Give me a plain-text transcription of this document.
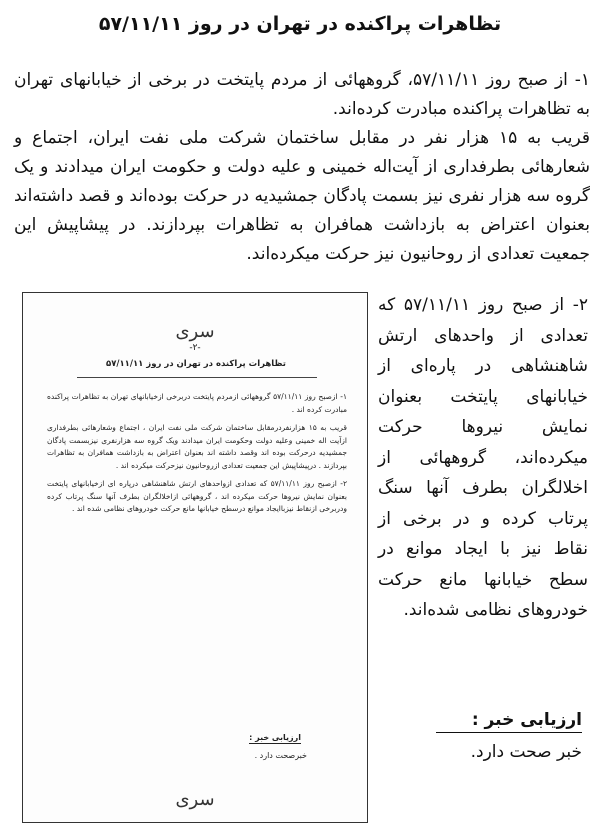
تظاهرات پراکنده در تهران در روز ۵۷/۱۱/۱۱

۱- از صبح روز ۵۷/۱۱/۱۱، گروههائی از مردم پایتخت در برخی از خیابانهای تهران به تظاهرات پراکنده مبادرت کرده‌اند.

قریب به ۱۵ هزار نفر در مقابل ساختمان شرکت ملی نفت ایران، اجتماع و شعارهائی بطرفداری از آیت‌اله خمینی و علیه دولت و حکومت ایران میدادند و یک گروه سه هزار نفری نیز بسمت پادگان جمشیدیه در حرکت بوده‌اند و قصد داشته‌اند بعنوان اعتراض به بازداشت همافران به تظاهرات بپردازند. در پیشاپیش این جمعیت تعدادی از روحانیون نیز حرکت میکرده‌اند.

سری
-۲-
تظاهرات پراکنده در تهران در روز ۵۷/۱۱/۱۱

۱- ازصبح روز ۵۷/۱۱/۱۱ گروههائی ازمردم پایتخت دربرخی ازخیابانهای تهران به تظاهرات پراکنده مبادرت کرده اند .

قریب به ۱۵ هزارنفردرمقابل ساختمان شرکت ملی نفت ایران ، اجتماع وشعارهائی بطرفداری ازآیت اله خمینی وعلیه دولت وحکومت ایران میدادند ویک گروه سه هزارنفری نیزبسمت پادگان جمشیدیه درحرکت بوده اند وقصد داشته اند بعنوان اعتراض به بازداشت همافران به تظاهرات بپردازند . درپیشاپیش این جمعیت تعدادی ازروحانیون نیزحرکت میکرده اند .

۲- ازصبح روز ۵۷/۱۱/۱۱ که تعدادی ازواحدهای ارتش شاهنشاهی درپاره ای ازخیابانهای پایتخت بعنوان نمایش نیروها حرکت میکرده اند ، گروههائی ازاخلالگران بطرف آنها سنگ پرتاب کرده ودربرخی ازنقاط نیزباایجاد موانع درسطح خیابانها مانع حرکت خودروهای نظامی شده اند .

ارزیابی خبر :
خبرصحت دارد .
سری

۲- از صبح روز ۵۷/۱۱/۱۱ که تعدادی از واحدهای ارتش شاهنشاهی در پاره‌ای از خیابانهای پایتخت بعنوان نمایش نیروها حرکت میکرده‌اند، گروههائی از اخلالگران بطرف آنها سنگ پرتاب کرده و در برخی از نقاط نیز با ایجاد موانع در سطح خیابانها مانع حرکت خودروهای نظامی شده‌اند.

ارزیابی خبر :
خبر صحت دارد.
